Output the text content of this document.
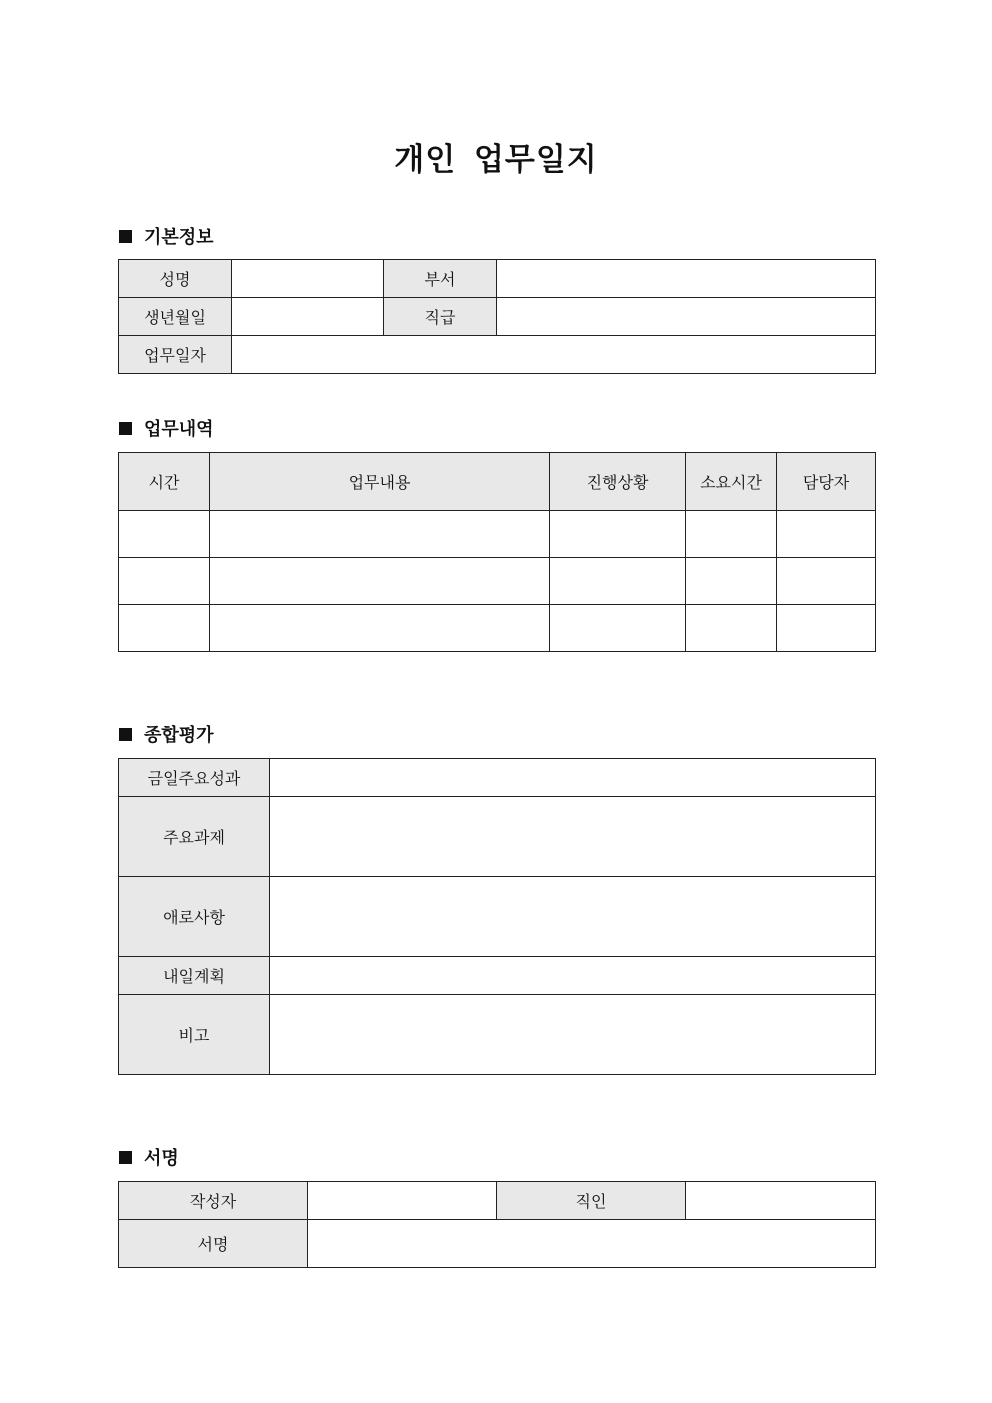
개인 업무일지
기본정보
성명		부서	
생년월일		직급	
업무일자			
업무내역
시간	업무내용	진행상황	소요시간	담당자

종합평가
금일주요성과	
주요과제	
애로사항	
내일계획	
비고	
서명
작성자		직인	
서명			
